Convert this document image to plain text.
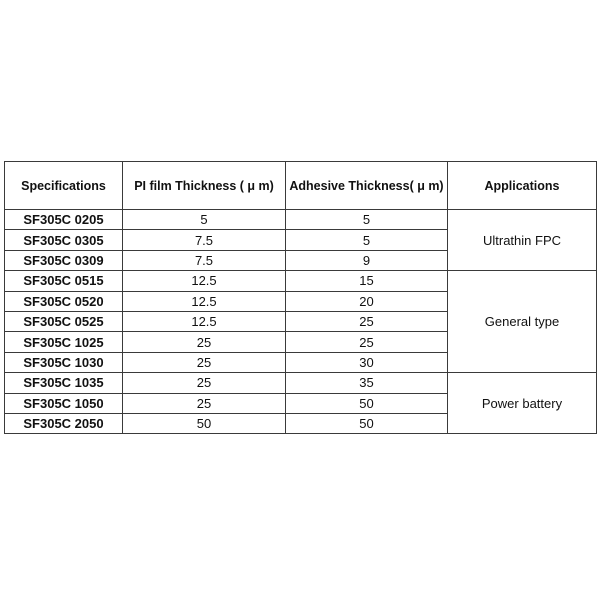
Specifications	PI film Thickness ( μ m)	Adhesive Thickness( μ m)	Applications
SF305C 0205	5	5	Ultrathin FPC
SF305C 0305	7.5	5	
SF305C 0309	7.5	9	
SF305C 0515	12.5	15	General type
SF305C 0520	12.5	20	
SF305C 0525	12.5	25	
SF305C 1025	25	25	
SF305C 1030	25	30	
SF305C 1035	25	35	Power battery
SF305C 1050	25	50	
SF305C 2050	50	50	
